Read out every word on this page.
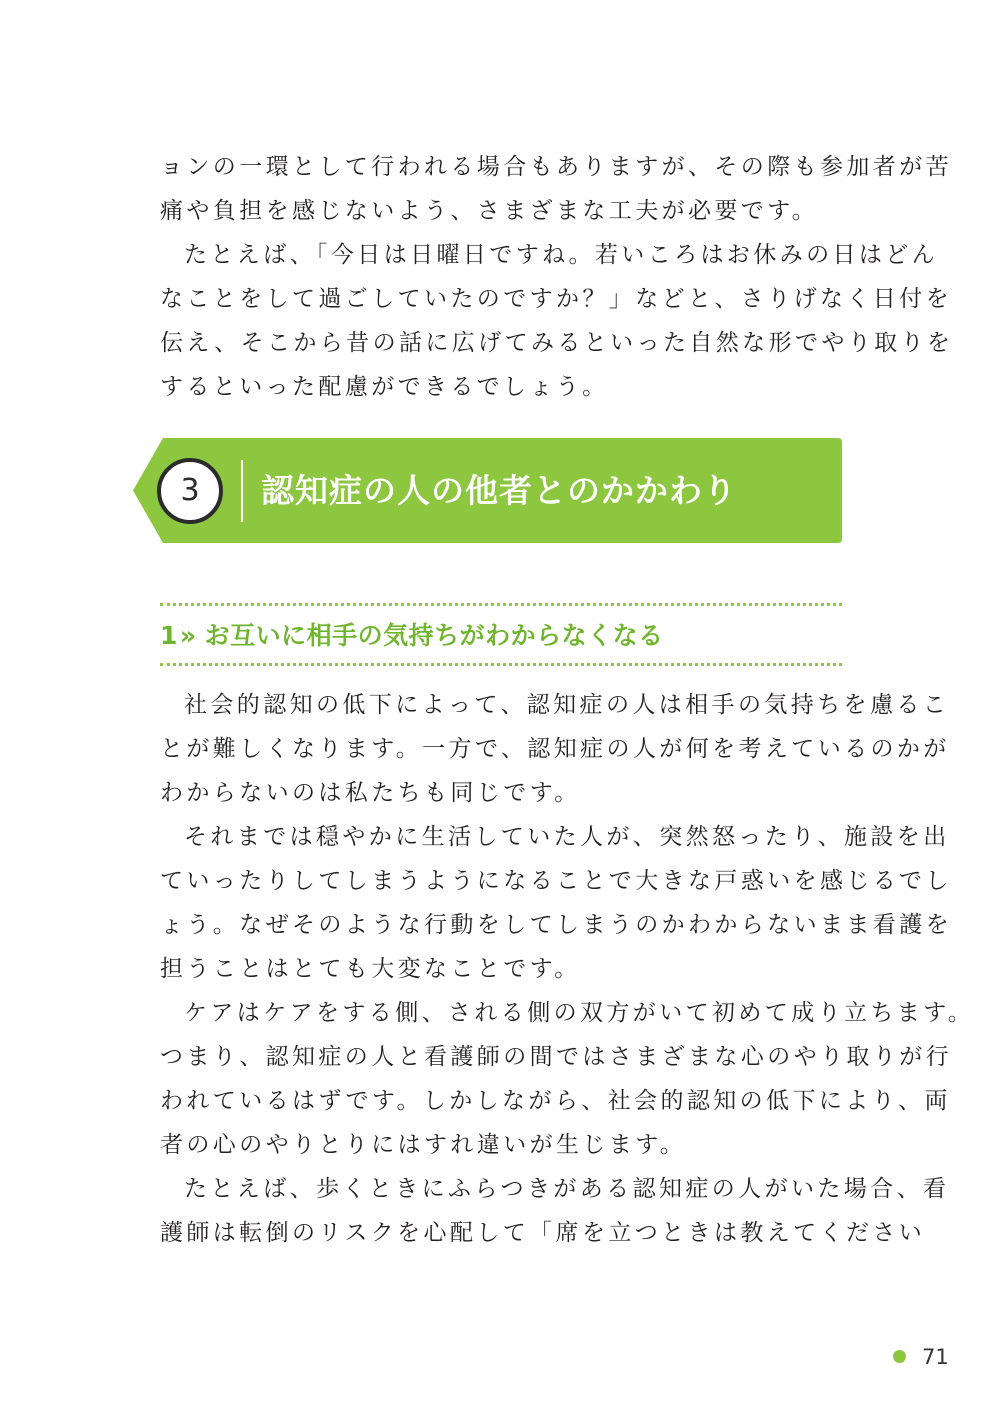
ョンの一環として行われる場合もありますが、その際も参加者が苦
痛や負担を感じないよう、さまざまな工夫が必要です。
たとえば、「今日は日曜日ですね。若いころはお休みの日はどん
なことをして過ごしていたのですか？」などと、さりげなく日付を
伝え、そこから昔の話に広げてみるといった自然な形でやり取りを
するといった配慮ができるでしょう。
3 認知症の人の他者とのかかわり
1» お互いに相手の気持ちがわからなくなる
社会的認知の低下によって、認知症の人は相手の気持ちを慮るこ
とが難しくなります。一方で、認知症の人が何を考えているのかが
わからないのは私たちも同じです。
それまでは穏やかに生活していた人が、突然怒ったり、施設を出
ていったりしてしまうようになることで大きな戸惑いを感じるでし
ょう。なぜそのような行動をしてしまうのかわからないまま看護を
担うことはとても大変なことです。
ケアはケアをする側、される側の双方がいて初めて成り立ちます。
つまり、認知症の人と看護師の間ではさまざまな心のやり取りが行
われているはずです。しかしながら、社会的認知の低下により、両
者の心のやりとりにはすれ違いが生じます。
たとえば、歩くときにふらつきがある認知症の人がいた場合、看
護師は転倒のリスクを心配して「席を立つときは教えてください
71
